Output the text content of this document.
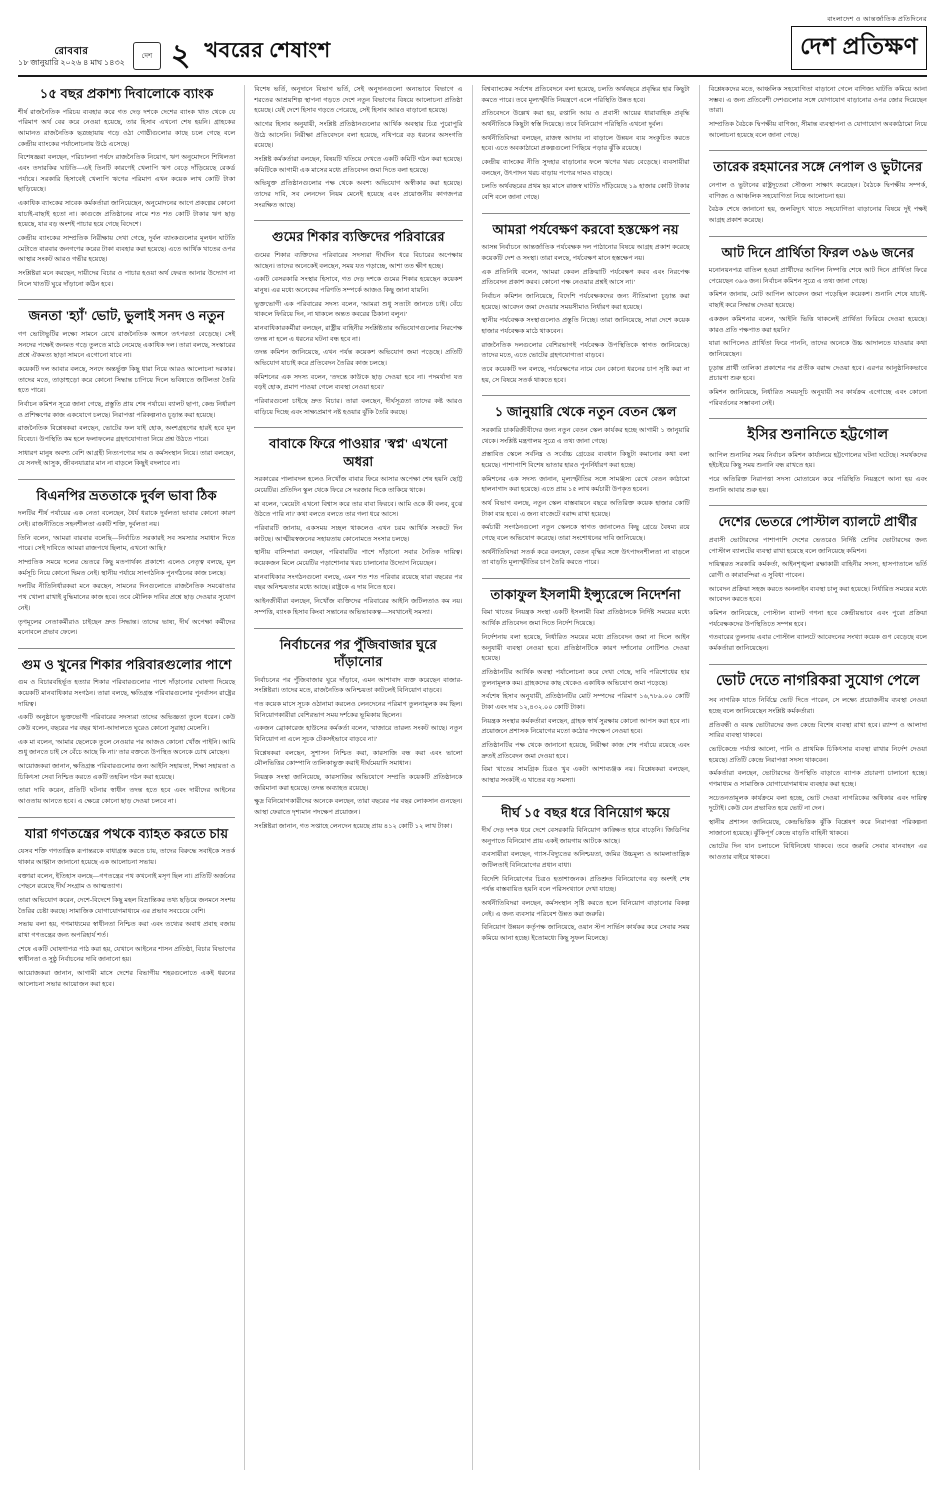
রোববার
১৮ জানুয়ারি ২০২৬ ৪ মাঘ ১৪৩২
দেশ ২ খবরের শেষাংশ
বাংলাদেশ ও আন্তর্জাতিক প্রতিদিনের
দেশ প্রতিক্ষণ
১৫ বছর প্রকাশ্য দিবালোকে ব্যাংক

শীর্ষ রাজনৈতিক পরিচয় ব্যবহার করে গত দেড় দশকে দেশের ব্যাংক খাত থেকে যে পরিমাণ অর্থ বের করে নেওয়া হয়েছে, তার হিসাব এখনো শেষ হয়নি। গ্রাহকের আমানত রাজনৈতিক ছত্রচ্ছায়ায় গড়ে ওঠা গোষ্ঠীগুলোর কাছে চলে গেছে বলে কেন্দ্রীয় ব্যাংকের পর্যালোচনায় উঠে এসেছে।

বিশেষজ্ঞরা বলছেন, পরিচালনা পর্ষদে রাজনৈতিক নিয়োগ, ঋণ অনুমোদনে শিথিলতা এবং তদারকির ঘাটতি—এই তিনটি কারণেই খেলাপি ঋণ বেড়ে দাঁড়িয়েছে রেকর্ড পর্যায়ে। সরকারি হিসাবেই খেলাপি ঋণের পরিমাণ এখন কয়েক লাখ কোটি টাকা ছাড়িয়েছে।

একাধিক ব্যাংকের সাবেক কর্মকর্তারা জানিয়েছেন, অনুমোদনের আগে প্রকল্পের কোনো যাচাই-বাছাই হতো না। কাগুজে প্রতিষ্ঠানের নামে শত শত কোটি টাকার ঋণ ছাড় হয়েছে, যার বড় অংশই পাচার হয়ে গেছে বিদেশে।

কেন্দ্রীয় ব্যাংকের সাম্প্রতিক নিরীক্ষায় দেখা গেছে, দুর্বল ব্যাংকগুলোর মূলধন ঘাটতি মেটাতে বারবার জনগণের করের টাকা ব্যবহার করা হয়েছে। এতে আর্থিক খাতের ওপর আস্থার সংকট আরও গভীর হয়েছে।

সংশ্লিষ্টরা মনে করছেন, দায়ীদের বিচার ও পাচার হওয়া অর্থ ফেরত আনার উদ্যোগ না নিলে খাতটি ঘুরে দাঁড়ানো কঠিন হবে।

জনতা 'হ্যাঁ' ভোট, ভুলাই সনদ ও নতুন

গণ ভোটাভুটির লক্ষ্যে সামনে রেখে রাজনৈতিক অঙ্গনে তৎপরতা বেড়েছে। সেই সনদের পক্ষেই জনমত গড়ে তুলতে মাঠে নেমেছে একাধিক দল। তারা বলছে, সংস্কারের প্রশ্নে ঐকমত্য ছাড়া সামনে এগোনো যাবে না।

কয়েকটি দল আবার বলছে, সনদে অন্তর্ভুক্ত কিছু ধারা নিয়ে আরও আলোচনা দরকার। তাদের মতে, তাড়াহুড়ো করে কোনো সিদ্ধান্ত চাপিয়ে দিলে ভবিষ্যতে জটিলতা তৈরি হতে পারে।

নির্বাচন কমিশন সূত্রে জানা গেছে, প্রস্তুতি প্রায় শেষ পর্যায়ে। ব্যালট ছাপা, কেন্দ্র নির্ধারণ ও প্রশিক্ষণের কাজ একযোগে চলছে। নিরাপত্তা পরিকল্পনাও চূড়ান্ত করা হয়েছে।

রাজনৈতিক বিশ্লেষকরা বলছেন, ভোটের ফল যাই হোক, অংশগ্রহণের হারই হবে মূল বিবেচ্য। উপস্থিতি কম হলে ফলাফলের গ্রহণযোগ্যতা নিয়ে প্রশ্ন উঠতে পারে।

সাধারণ মানুষ অবশ্য বেশি আগ্রহী নিত্যপণ্যের দাম ও কর্মসংস্থান নিয়ে। তারা বলছেন, যে সনদই আসুক, জীবনযাত্রার মান না বাড়লে কিছুই বদলাবে না।

বিএনপির ভ্রততাকে দুর্বল ভাবা ঠিক

দলটির শীর্ষ পর্যায়ের এক নেতা বলেছেন, ধৈর্য ধরাকে দুর্বলতা ভাবার কোনো কারণ নেই। রাজনীতিতে সহনশীলতা একটি শক্তি, দুর্বলতা নয়।

তিনি বলেন, 'আমরা বারবার বলেছি—নির্বাচিত সরকারই সব সমস্যার সমাধান দিতে পারে। সেই দাবিতে আমরা রাজপথে ছিলাম, এখনো আছি।'

সাম্প্রতিক সময়ে দলের ভেতরে কিছু মতপার্থক্য প্রকাশ্যে এলেও নেতৃত্ব বলছে, মূল কর্মসূচি নিয়ে কোনো দ্বিমত নেই। স্থানীয় পর্যায়ে সাংগঠনিক পুনর্গঠনের কাজ চলছে।

দলটির নীতিনির্ধারকরা মনে করছেন, সামনের দিনগুলোতে রাজনৈতিক সমঝোতার পথ খোলা রাখাই বুদ্ধিমানের কাজ হবে। তবে মৌলিক দাবির প্রশ্নে ছাড় দেওয়ার সুযোগ নেই।

তৃণমূলের নেতাকর্মীরাও চাইছেন দ্রুত সিদ্ধান্ত। তাদের ভাষ্য, দীর্ঘ অপেক্ষা কর্মীদের মনোবলে প্রভাব ফেলে।

গুম ও খুনের শিকার পরিবারগুলোর পাশে

গুম ও বিচারবহির্ভূত হত্যার শিকার পরিবারগুলোর পাশে দাঁড়ানোর ঘোষণা দিয়েছে কয়েকটি মানবাধিকার সংগঠন। তারা বলছে, ক্ষতিগ্রস্ত পরিবারগুলোর পুনর্বাসন রাষ্ট্রের দায়িত্ব।

একটি অনুষ্ঠানে ভুক্তভোগী পরিবারের সদস্যরা তাদের অভিজ্ঞতা তুলে ধরেন। কেউ কেউ বলেন, বছরের পর বছর থানা-আদালতে ঘুরেও কোনো সুরাহা মেলেনি।

এক মা বলেন, 'আমার ছেলেকে তুলে নেওয়ার পর আজও কোনো খোঁজ পাইনি। আমি শুধু জানতে চাই সে বেঁচে আছে কি না।' তার বক্তব্যে উপস্থিত অনেকে চোখ মোছেন।

আয়োজকরা জানান, ক্ষতিগ্রস্ত পরিবারগুলোর জন্য আইনি সহায়তা, শিক্ষা সহায়তা ও চিকিৎসা সেবা নিশ্চিত করতে একটি তহবিল গঠন করা হয়েছে।

তারা দাবি করেন, প্রতিটি ঘটনার স্বাধীন তদন্ত হতে হবে এবং দায়ীদের আইনের আওতায় আনতে হবে। এ ক্ষেত্রে কোনো ছাড় দেওয়া চলবে না।

যারা গণতন্ত্রের পথকে ব্যাহত করতে চায়

যেসব শক্তি গণতান্ত্রিক রূপান্তরকে বাধাগ্রস্ত করতে চায়, তাদের বিরুদ্ধে সবাইকে সতর্ক থাকার আহ্বান জানানো হয়েছে এক আলোচনা সভায়।

বক্তারা বলেন, ইতিহাস বলছে—গণতন্ত্রের পথ কখনোই মসৃণ ছিল না। প্রতিটি অর্জনের পেছনে রয়েছে দীর্ঘ সংগ্রাম ও আত্মত্যাগ।

তারা অভিযোগ করেন, দেশে-বিদেশে কিছু মহল বিভ্রান্তিকর তথ্য ছড়িয়ে জনমনে সংশয় তৈরির চেষ্টা করছে। সামাজিক যোগাযোগমাধ্যমে এর প্রভাব সবচেয়ে বেশি।

সভায় বলা হয়, গণমাধ্যমের স্বাধীনতা নিশ্চিত করা এবং তথ্যের অবাধ প্রবাহ বজায় রাখা গণতন্ত্রের জন্য অপরিহার্য শর্ত।

শেষে একটি ঘোষণাপত্র পাঠ করা হয়, যেখানে আইনের শাসন প্রতিষ্ঠা, বিচার বিভাগের স্বাধীনতা ও সুষ্ঠু নির্বাচনের দাবি জানানো হয়।

আয়োজকরা জানান, আগামী মাসে দেশের বিভাগীয় শহরগুলোতে একই ধরনের আলোচনা সভার আয়োজন করা হবে।

বিশেষ ভর্তি, অনুদানে বিভাগ ভর্তি, সেই অনুদানগুলো অন্যভাবে বিভাগে এ শরতের আশ্রয়শিল্প স্থাপনা গড়তে দেশে নতুন বিভাগের বিষয়ে আলোচনা প্রতিষ্ঠা হয়েছে। যেই দেশে হিসাব গড়তে পেরেছে, সেই হিসাব আরও বাড়ানো হয়েছে।

আগের হিসাব অনুযায়ী, সংশ্লিষ্ট প্রতিষ্ঠানগুলোর আর্থিক অবস্থার চিত্র পুরোপুরি উঠে আসেনি। নিরীক্ষা প্রতিবেদনে বলা হয়েছে, নথিপত্রে বড় ধরনের অসংগতি রয়েছে।

সংশ্লিষ্ট কর্মকর্তারা বলছেন, বিষয়টি খতিয়ে দেখতে একটি কমিটি গঠন করা হয়েছে। কমিটিকে আগামী এক মাসের মধ্যে প্রতিবেদন জমা দিতে বলা হয়েছে।

অভিযুক্ত প্রতিষ্ঠানগুলোর পক্ষ থেকে অবশ্য অভিযোগ অস্বীকার করা হয়েছে। তাদের দাবি, সব লেনদেন নিয়ম মেনেই হয়েছে এবং প্রয়োজনীয় কাগজপত্র সংরক্ষিত আছে।

গুমের শিকার ব্যক্তিদের পরিবারের

গুমের শিকার ব্যক্তিদের পরিবারের সদস্যরা দীর্ঘদিন ধরে বিচারের অপেক্ষায় আছেন। তাদের অনেকেই বলছেন, সময় যত গড়াচ্ছে, আশা তত ক্ষীণ হচ্ছে।

একটি বেসরকারি সংস্থার হিসাবে, গত দেড় দশকে গুমের শিকার হয়েছেন কয়েকশ মানুষ। এর মধ্যে অনেকের পরিণতি সম্পর্কে আজও কিছু জানা যায়নি।

ভুক্তভোগী এক পরিবারের সদস্য বলেন, 'আমরা শুধু সত্যটা জানতে চাই। বেঁচে থাকলে ফিরিয়ে দিন, না থাকলে অন্তত কবরের ঠিকানা বলুন।'

মানবাধিকারকর্মীরা বলছেন, রাষ্ট্রীয় বাহিনীর সংশ্লিষ্টতার অভিযোগগুলোর নিরপেক্ষ তদন্ত না হলে এ ধরনের ঘটনা বন্ধ হবে না।

তদন্ত কমিশন জানিয়েছে, এখন পর্যন্ত কয়েকশ অভিযোগ জমা পড়েছে। প্রতিটি অভিযোগ যাচাই করে প্রতিবেদন তৈরির কাজ চলছে।

কমিশনের এক সদস্য বলেন, 'তদন্তে কাউকে ছাড় দেওয়া হবে না। পদমর্যাদা যত বড়ই হোক, প্রমাণ পাওয়া গেলে ব্যবস্থা নেওয়া হবে।'

পরিবারগুলো চাইছে দ্রুত বিচার। তারা বলছেন, দীর্ঘসূত্রতা তাদের কষ্ট আরও বাড়িয়ে দিচ্ছে এবং সাক্ষ্যপ্রমাণ নষ্ট হওয়ার ঝুঁকি তৈরি করছে।

বাবাকে ফিরে পাওয়ার 'স্বপ্ন' এখনো অধরা

সরকারের পালাবদল হলেও নিখোঁজ বাবার ফিরে আসার অপেক্ষা শেষ হয়নি ছোট্ট মেয়েটির। প্রতিদিন স্কুল থেকে ফিরে সে দরজার দিকে তাকিয়ে থাকে।

মা বলেন, 'মেয়েটা এখনো বিশ্বাস করে তার বাবা ফিরবে। আমি ওকে কী বলব, বুঝে উঠতে পারি না।' কথা বলতে বলতে তার গলা ধরে আসে।

পরিবারটি জানায়, একসময় সচ্ছল থাকলেও এখন চরম আর্থিক সংকটে দিন কাটছে। আত্মীয়স্বজনের সহায়তায় কোনোমতে সংসার চলছে।

স্থানীয় বাসিন্দারা বলছেন, পরিবারটির পাশে দাঁড়ানো সবার নৈতিক দায়িত্ব। কয়েকজন মিলে মেয়েটির পড়াশোনার খরচ চালানোর উদ্যোগ নিয়েছেন।

মানবাধিকার সংগঠনগুলো বলছে, এমন শত শত পরিবার রয়েছে যারা বছরের পর বছর অনিশ্চয়তার মধ্যে আছে। রাষ্ট্রকে এ দায় নিতে হবে।

আইনজীবীরা বলছেন, নিখোঁজ ব্যক্তিদের পরিবারের আইনি জটিলতাও কম নয়। সম্পত্তি, ব্যাংক হিসাব কিংবা সন্তানের অভিভাবকত্ব—সবখানেই সমস্যা।

নির্বাচনের পর পুঁজিবাজার ঘুরে দাঁড়ানোর

নির্বাচনের পর পুঁজিবাজার ঘুরে দাঁড়াবে, এমন আশাবাদ ব্যক্ত করেছেন বাজার-সংশ্লিষ্টরা। তাদের মতে, রাজনৈতিক অনিশ্চয়তা কাটলেই বিনিয়োগ বাড়বে।

গত কয়েক মাসে সূচক ওঠানামা করলেও লেনদেনের পরিমাণ তুলনামূলক কম ছিল। বিনিয়োগকারীরা বেশিরভাগ সময় দর্শকের ভূমিকায় ছিলেন।

একজন ব্রোকারেজ হাউসের কর্মকর্তা বলেন, 'বাজারে তারল্য সংকট আছে। নতুন বিনিয়োগ না এলে সূচক টেকসইভাবে বাড়বে না।'

বিশ্লেষকরা বলছেন, সুশাসন নিশ্চিত করা, কারসাজি বন্ধ করা এবং ভালো মৌলভিত্তির কোম্পানি তালিকাভুক্ত করাই দীর্ঘমেয়াদি সমাধান।

নিয়ন্ত্রক সংস্থা জানিয়েছে, কারসাজির অভিযোগে সম্প্রতি কয়েকটি প্রতিষ্ঠানকে জরিমানা করা হয়েছে। তদন্ত অব্যাহত রয়েছে।

ক্ষুদ্র বিনিয়োগকারীদের অনেকে বলছেন, তারা বছরের পর বছর লোকসান গুনছেন। আস্থা ফেরাতে দৃশ্যমান পদক্ষেপ প্রয়োজন।

সংশ্লিষ্টরা জানান, গত সপ্তাহে লেনদেন হয়েছে প্রায় ৪১২ কোটি ১২ লাখ টাকা।

বিশ্বব্যাংকের সর্বশেষ প্রতিবেদনে বলা হয়েছে, চলতি অর্থবছরে প্রবৃদ্ধির হার কিছুটা কমতে পারে। তবে মূল্যস্ফীতি নিয়ন্ত্রণে এলে পরিস্থিতি উন্নত হবে।

প্রতিবেদনে উল্লেখ করা হয়, রপ্তানি আয় ও প্রবাসী আয়ের ধারাবাহিক প্রবৃদ্ধি অর্থনীতিকে কিছুটা স্বস্তি দিয়েছে। তবে বিনিয়োগ পরিস্থিতি এখনো দুর্বল।

অর্থনীতিবিদরা বলছেন, রাজস্ব আদায় না বাড়ালে উন্নয়ন ব্যয় সংকুচিত করতে হবে। এতে অবকাঠামো প্রকল্পগুলো পিছিয়ে পড়ার ঝুঁকি রয়েছে।

কেন্দ্রীয় ব্যাংকের নীতি সুদহার বাড়ানোর ফলে ঋণের খরচ বেড়েছে। ব্যবসায়ীরা বলছেন, উৎপাদন খরচ বাড়ায় পণ্যের দামও বাড়ছে।

চলতি অর্থবছরের প্রথম ছয় মাসে রাজস্ব ঘাটতি দাঁড়িয়েছে ১৯ হাজার কোটি টাকার বেশি বলে জানা গেছে।

আমরা পর্যবেক্ষণ করবো হস্তক্ষেপ নয়

আসন্ন নির্বাচনে আন্তর্জাতিক পর্যবেক্ষক দল পাঠানোর বিষয়ে আগ্রহ প্রকাশ করেছে কয়েকটি দেশ ও সংস্থা। তারা বলছে, পর্যবেক্ষণ মানে হস্তক্ষেপ নয়।

এক প্রতিনিধি বলেন, 'আমরা কেবল প্রক্রিয়াটি পর্যবেক্ষণ করব এবং নিরপেক্ষ প্রতিবেদন প্রকাশ করব। কোনো পক্ষ নেওয়ার প্রশ্নই আসে না।'

নির্বাচন কমিশন জানিয়েছে, বিদেশি পর্যবেক্ষকদের জন্য নীতিমালা চূড়ান্ত করা হয়েছে। আবেদন জমা দেওয়ার সময়সীমাও নির্ধারণ করা হয়েছে।

স্থানীয় পর্যবেক্ষক সংস্থাগুলোও প্রস্তুতি নিচ্ছে। তারা জানিয়েছে, সারা দেশে কয়েক হাজার পর্যবেক্ষক মাঠে থাকবেন।

রাজনৈতিক দলগুলোর বেশিরভাগই পর্যবেক্ষক উপস্থিতিকে স্বাগত জানিয়েছে। তাদের মতে, এতে ভোটের গ্রহণযোগ্যতা বাড়বে।

তবে কয়েকটি দল বলছে, পর্যবেক্ষণের নামে যেন কোনো ধরনের চাপ সৃষ্টি করা না হয়, সে বিষয়ে সতর্ক থাকতে হবে।

১ জানুয়ারি থেকে নতুন বেতন স্কেল

সরকারি চাকরিজীবীদের জন্য নতুন বেতন স্কেল কার্যকর হচ্ছে আগামী ১ জানুয়ারি থেকে। সংশ্লিষ্ট মন্ত্রণালয় সূত্রে এ তথ্য জানা গেছে।

প্রস্তাবিত স্কেলে সর্বনিম্ন ও সর্বোচ্চ গ্রেডের ব্যবধান কিছুটা কমানোর কথা বলা হয়েছে। পাশাপাশি বিশেষ ভাতার হারও পুনর্নির্ধারণ করা হচ্ছে।

কমিশনের এক সদস্য জানান, মূল্যস্ফীতির সঙ্গে সামঞ্জস্য রেখে বেতন কাঠামো হালনাগাদ করা হয়েছে। এতে প্রায় ১৫ লাখ কর্মচারী উপকৃত হবেন।

অর্থ বিভাগ বলছে, নতুন স্কেল বাস্তবায়নে বছরে অতিরিক্ত কয়েক হাজার কোটি টাকা ব্যয় হবে। এ জন্য বাজেটে বরাদ্দ রাখা হয়েছে।

কর্মচারী সংগঠনগুলো নতুন স্কেলকে স্বাগত জানালেও কিছু গ্রেডে বৈষম্য রয়ে গেছে বলে অভিযোগ করেছে। তারা সংশোধনের দাবি জানিয়েছে।

অর্থনীতিবিদরা সতর্ক করে বলছেন, বেতন বৃদ্ধির সঙ্গে উৎপাদনশীলতা না বাড়লে তা বাড়তি মূল্যস্ফীতির চাপ তৈরি করতে পারে।

তাকাফুল ইসলামী ইন্স্যুরেন্সে নিদের্শনা

বিমা খাতের নিয়ন্ত্রক সংস্থা একটি ইসলামী বিমা প্রতিষ্ঠানকে নির্দিষ্ট সময়ের মধ্যে আর্থিক প্রতিবেদন জমা দিতে নির্দেশ দিয়েছে।

নির্দেশনায় বলা হয়েছে, নির্ধারিত সময়ের মধ্যে প্রতিবেদন জমা না দিলে আইন অনুযায়ী ব্যবস্থা নেওয়া হবে। প্রতিষ্ঠানটিকে কারণ দর্শানোর নোটিশও দেওয়া হয়েছে।

প্রতিষ্ঠানটির আর্থিক অবস্থা পর্যালোচনা করে দেখা গেছে, দাবি পরিশোধের হার তুলনামূলক কম। গ্রাহকদের কাছ থেকেও একাধিক অভিযোগ জমা পড়েছে।

সর্বশেষ হিসাব অনুযায়ী, প্রতিষ্ঠানটির মোট সম্পদের পরিমাণ ১৬,৭৮৯.০০ কোটি টাকা এবং দায় ১২,৪৩২.০০ কোটি টাকা।

নিয়ন্ত্রক সংস্থার কর্মকর্তারা বলছেন, গ্রাহক স্বার্থ সুরক্ষায় কোনো আপস করা হবে না। প্রয়োজনে প্রশাসক নিয়োগের মতো কঠোর পদক্ষেপ নেওয়া হবে।

প্রতিষ্ঠানটির পক্ষ থেকে জানানো হয়েছে, নিরীক্ষা কাজ শেষ পর্যায়ে রয়েছে এবং দ্রুতই প্রতিবেদন জমা দেওয়া হবে।

বিমা খাতের সামগ্রিক চিত্রও খুব একটা আশাব্যঞ্জক নয়। বিশ্লেষকরা বলছেন, আস্থার সংকটই এ খাতের বড় সমস্যা।

দীর্ঘ ১৫ বছর ধরে বিনিয়োগ ক্ষয়ে

দীর্ঘ দেড় দশক ধরে দেশে বেসরকারি বিনিয়োগ কাঙ্ক্ষিত হারে বাড়েনি। জিডিপির অনুপাতে বিনিয়োগ প্রায় একই জায়গায় আটকে আছে।

ব্যবসায়ীরা বলছেন, গ্যাস-বিদ্যুতের অনিশ্চয়তা, জমির উচ্চমূল্য ও আমলাতান্ত্রিক জটিলতাই বিনিয়োগের প্রধান বাধা।

বিদেশি বিনিয়োগের চিত্রও হতাশাজনক। প্রতিশ্রুত বিনিয়োগের বড় অংশই শেষ পর্যন্ত বাস্তবায়িত হয়নি বলে পরিসংখ্যানে দেখা যাচ্ছে।

অর্থনীতিবিদরা বলছেন, কর্মসংস্থান সৃষ্টি করতে হলে বিনিয়োগ বাড়ানোর বিকল্প নেই। এ জন্য ব্যবসার পরিবেশ উন্নত করা জরুরি।

বিনিয়োগ উন্নয়ন কর্তৃপক্ষ জানিয়েছে, ওয়ান স্টপ সার্ভিস কার্যকর করে সেবার সময় কমিয়ে আনা হচ্ছে। ইতোমধ্যে কিছু সুফল মিলেছে।

বিশ্লেষকদের মতে, আঞ্চলিক সহযোগিতা বাড়ানো গেলে বাণিজ্য ঘাটতি কমিয়ে আনা সম্ভব। এ জন্য প্রতিবেশী দেশগুলোর সঙ্গে যোগাযোগ বাড়ানোর ওপর জোর দিয়েছেন তারা।

সাম্প্রতিক বৈঠকে দ্বিপক্ষীয় বাণিজ্য, সীমান্ত ব্যবস্থাপনা ও যোগাযোগ অবকাঠামো নিয়ে আলোচনা হয়েছে বলে জানা গেছে।

তারেক রহমানের সঙ্গে নেপাল ও ভুটানের

নেপাল ও ভুটানের রাষ্ট্রদূতেরা সৌজন্য সাক্ষাৎ করেছেন। বৈঠকে দ্বিপক্ষীয় সম্পর্ক, বাণিজ্য ও আঞ্চলিক সহযোগিতা নিয়ে আলোচনা হয়।

বৈঠক শেষে জানানো হয়, জলবিদ্যুৎ খাতে সহযোগিতা বাড়ানোর বিষয়ে দুই পক্ষই আগ্রহ প্রকাশ করেছে।

আট দিনে প্রার্থিতা ফিরল ৩৯৬ জনের

মনোনয়নপত্র বাতিল হওয়া প্রার্থীদের আপিল নিষ্পত্তি শেষে আট দিনে প্রার্থিতা ফিরে পেয়েছেন ৩৯৬ জন। নির্বাচন কমিশন সূত্রে এ তথ্য জানা গেছে।

কমিশন জানায়, মোট আপিল আবেদন জমা পড়েছিল কয়েকশ। শুনানি শেষে যাচাই-বাছাই করে সিদ্ধান্ত দেওয়া হয়েছে।

একজন কমিশনার বলেন, 'আইনি ভিত্তি থাকলেই প্রার্থিতা ফিরিয়ে দেওয়া হয়েছে। কারও প্রতি পক্ষপাত করা হয়নি।'

যারা আপিলেও প্রার্থিতা ফিরে পাননি, তাদের অনেকে উচ্চ আদালতে যাওয়ার কথা জানিয়েছেন।

চূড়ান্ত প্রার্থী তালিকা প্রকাশের পর প্রতীক বরাদ্দ দেওয়া হবে। এরপর আনুষ্ঠানিকভাবে প্রচারণা শুরু হবে।

কমিশন জানিয়েছে, নির্ধারিত সময়সূচি অনুযায়ী সব কার্যক্রম এগোচ্ছে এবং কোনো পরিবর্তনের সম্ভাবনা নেই।

ইসির শুনানিতে হট্টগোল

আপিল শুনানির সময় নির্বাচন কমিশন কার্যালয়ে হট্টগোলের ঘটনা ঘটেছে। সমর্থকদের হইচইয়ে কিছু সময় শুনানি বন্ধ রাখতে হয়।

পরে অতিরিক্ত নিরাপত্তা সদস্য মোতায়েন করে পরিস্থিতি নিয়ন্ত্রণে আনা হয় এবং শুনানি আবার শুরু হয়।

দেশের ভেতরে পোস্টাল ব্যালটে প্রার্থীর

প্রবাসী ভোটারদের পাশাপাশি দেশের ভেতরেও নির্দিষ্ট শ্রেণির ভোটারদের জন্য পোস্টাল ব্যালটের ব্যবস্থা রাখা হয়েছে বলে জানিয়েছে কমিশন।

দায়িত্বরত সরকারি কর্মকর্তা, আইনশৃঙ্খলা রক্ষাকারী বাহিনীর সদস্য, হাসপাতালে ভর্তি রোগী ও কারাবন্দিরা এ সুবিধা পাবেন।

আবেদন প্রক্রিয়া সহজ করতে অনলাইন ব্যবস্থা চালু করা হয়েছে। নির্ধারিত সময়ের মধ্যে আবেদন করতে হবে।

কমিশন জানিয়েছে, পোস্টাল ব্যালট গণনা হবে কেন্দ্রীয়ভাবে এবং পুরো প্রক্রিয়া পর্যবেক্ষকদের উপস্থিতিতে সম্পন্ন হবে।

গতবারের তুলনায় এবার পোস্টাল ব্যালটে আবেদনের সংখ্যা কয়েক গুণ বেড়েছে বলে কর্মকর্তারা জানিয়েছেন।

ভোট দেতে নাগরিকরা সুযোগ পেলে

সব নাগরিক যাতে নির্বিঘ্নে ভোট দিতে পারেন, সে লক্ষ্যে প্রয়োজনীয় ব্যবস্থা নেওয়া হচ্ছে বলে জানিয়েছেন সংশ্লিষ্ট কর্মকর্তারা।

প্রতিবন্ধী ও বয়স্ক ভোটারদের জন্য কেন্দ্রে বিশেষ ব্যবস্থা রাখা হবে। র‍্যাম্প ও আলাদা সারির ব্যবস্থা থাকবে।

ভোটকেন্দ্রে পর্যাপ্ত আলো, পানি ও প্রাথমিক চিকিৎসার ব্যবস্থা রাখার নির্দেশ দেওয়া হয়েছে। প্রতিটি কেন্দ্রে নিরাপত্তা সদস্য থাকবেন।

কর্মকর্তারা বলছেন, ভোটারদের উপস্থিতি বাড়াতে ব্যাপক প্রচারণা চালানো হচ্ছে। গণমাধ্যম ও সামাজিক যোগাযোগমাধ্যম ব্যবহার করা হচ্ছে।

সচেতনতামূলক কার্যক্রমে বলা হচ্ছে, ভোট দেওয়া নাগরিকের অধিকার এবং দায়িত্ব দুটোই। কেউ যেন প্রভাবিত হয়ে ভোট না দেন।

স্থানীয় প্রশাসন জানিয়েছে, কেন্দ্রভিত্তিক ঝুঁকি বিশ্লেষণ করে নিরাপত্তা পরিকল্পনা সাজানো হয়েছে। ঝুঁকিপূর্ণ কেন্দ্রে বাড়তি বাহিনী থাকবে।

ভোটের দিন যান চলাচলে বিধিনিষেধ থাকবে। তবে জরুরি সেবার যানবাহন এর আওতার বাইরে থাকবে।
